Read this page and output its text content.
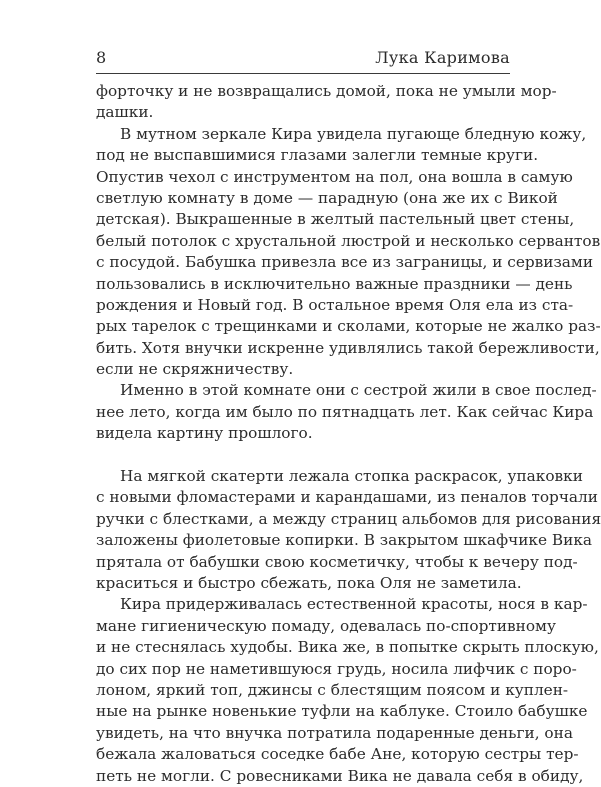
8	Лука Каримова
форточку и не возвращались домой, пока не умыли мор-
дашки.
В мутном зеркале Кира увидела пугающе бледную кожу,
под не выспавшимися глазами залегли темные круги.
Опустив чехол с инструментом на пол, она вошла в самую
светлую комнату в доме — парадную (она же их с Викой
детская). Выкрашенные в желтый пастельный цвет стены,
белый потолок с хрустальной люстрой и несколько сервантов
с посудой. Бабушка привезла все из заграницы, и сервизами
пользовались в исключительно важные праздники — день
рождения и Новый год. В остальное время Оля ела из ста-
рых тарелок с трещинками и сколами, которые не жалко раз-
бить. Хотя внучки искренне удивлялись такой бережливости,
если не скряжничеству.
Именно в этой комнате они с сестрой жили в свое послед-
нее лето, когда им было по пятнадцать лет. Как сейчас Кира
видела картину прошлого.
На мягкой скатерти лежала стопка раскрасок, упаковки
с новыми фломастерами и карандашами, из пеналов торчали
ручки с блестками, а между страниц альбомов для рисования
заложены фиолетовые копирки. В закрытом шкафчике Вика
прятала от бабушки свою косметичку, чтобы к вечеру под-
краситься и быстро сбежать, пока Оля не заметила.
Кира придерживалась естественной красоты, нося в кар-
мане гигиеническую помаду, одевалась по-спортивному
и не стеснялась худобы. Вика же, в попытке скрыть плоскую,
до сих пор не наметившуюся грудь, носила лифчик с поро-
лоном, яркий топ, джинсы с блестящим поясом и куплен-
ные на рынке новенькие туфли на каблуке. Стоило бабушке
увидеть, на что внучка потратила подаренные деньги, она
бежала жаловаться соседке бабе Ане, которую сестры тер-
петь не могли. С ровесниками Вика не давала себя в обиду,
